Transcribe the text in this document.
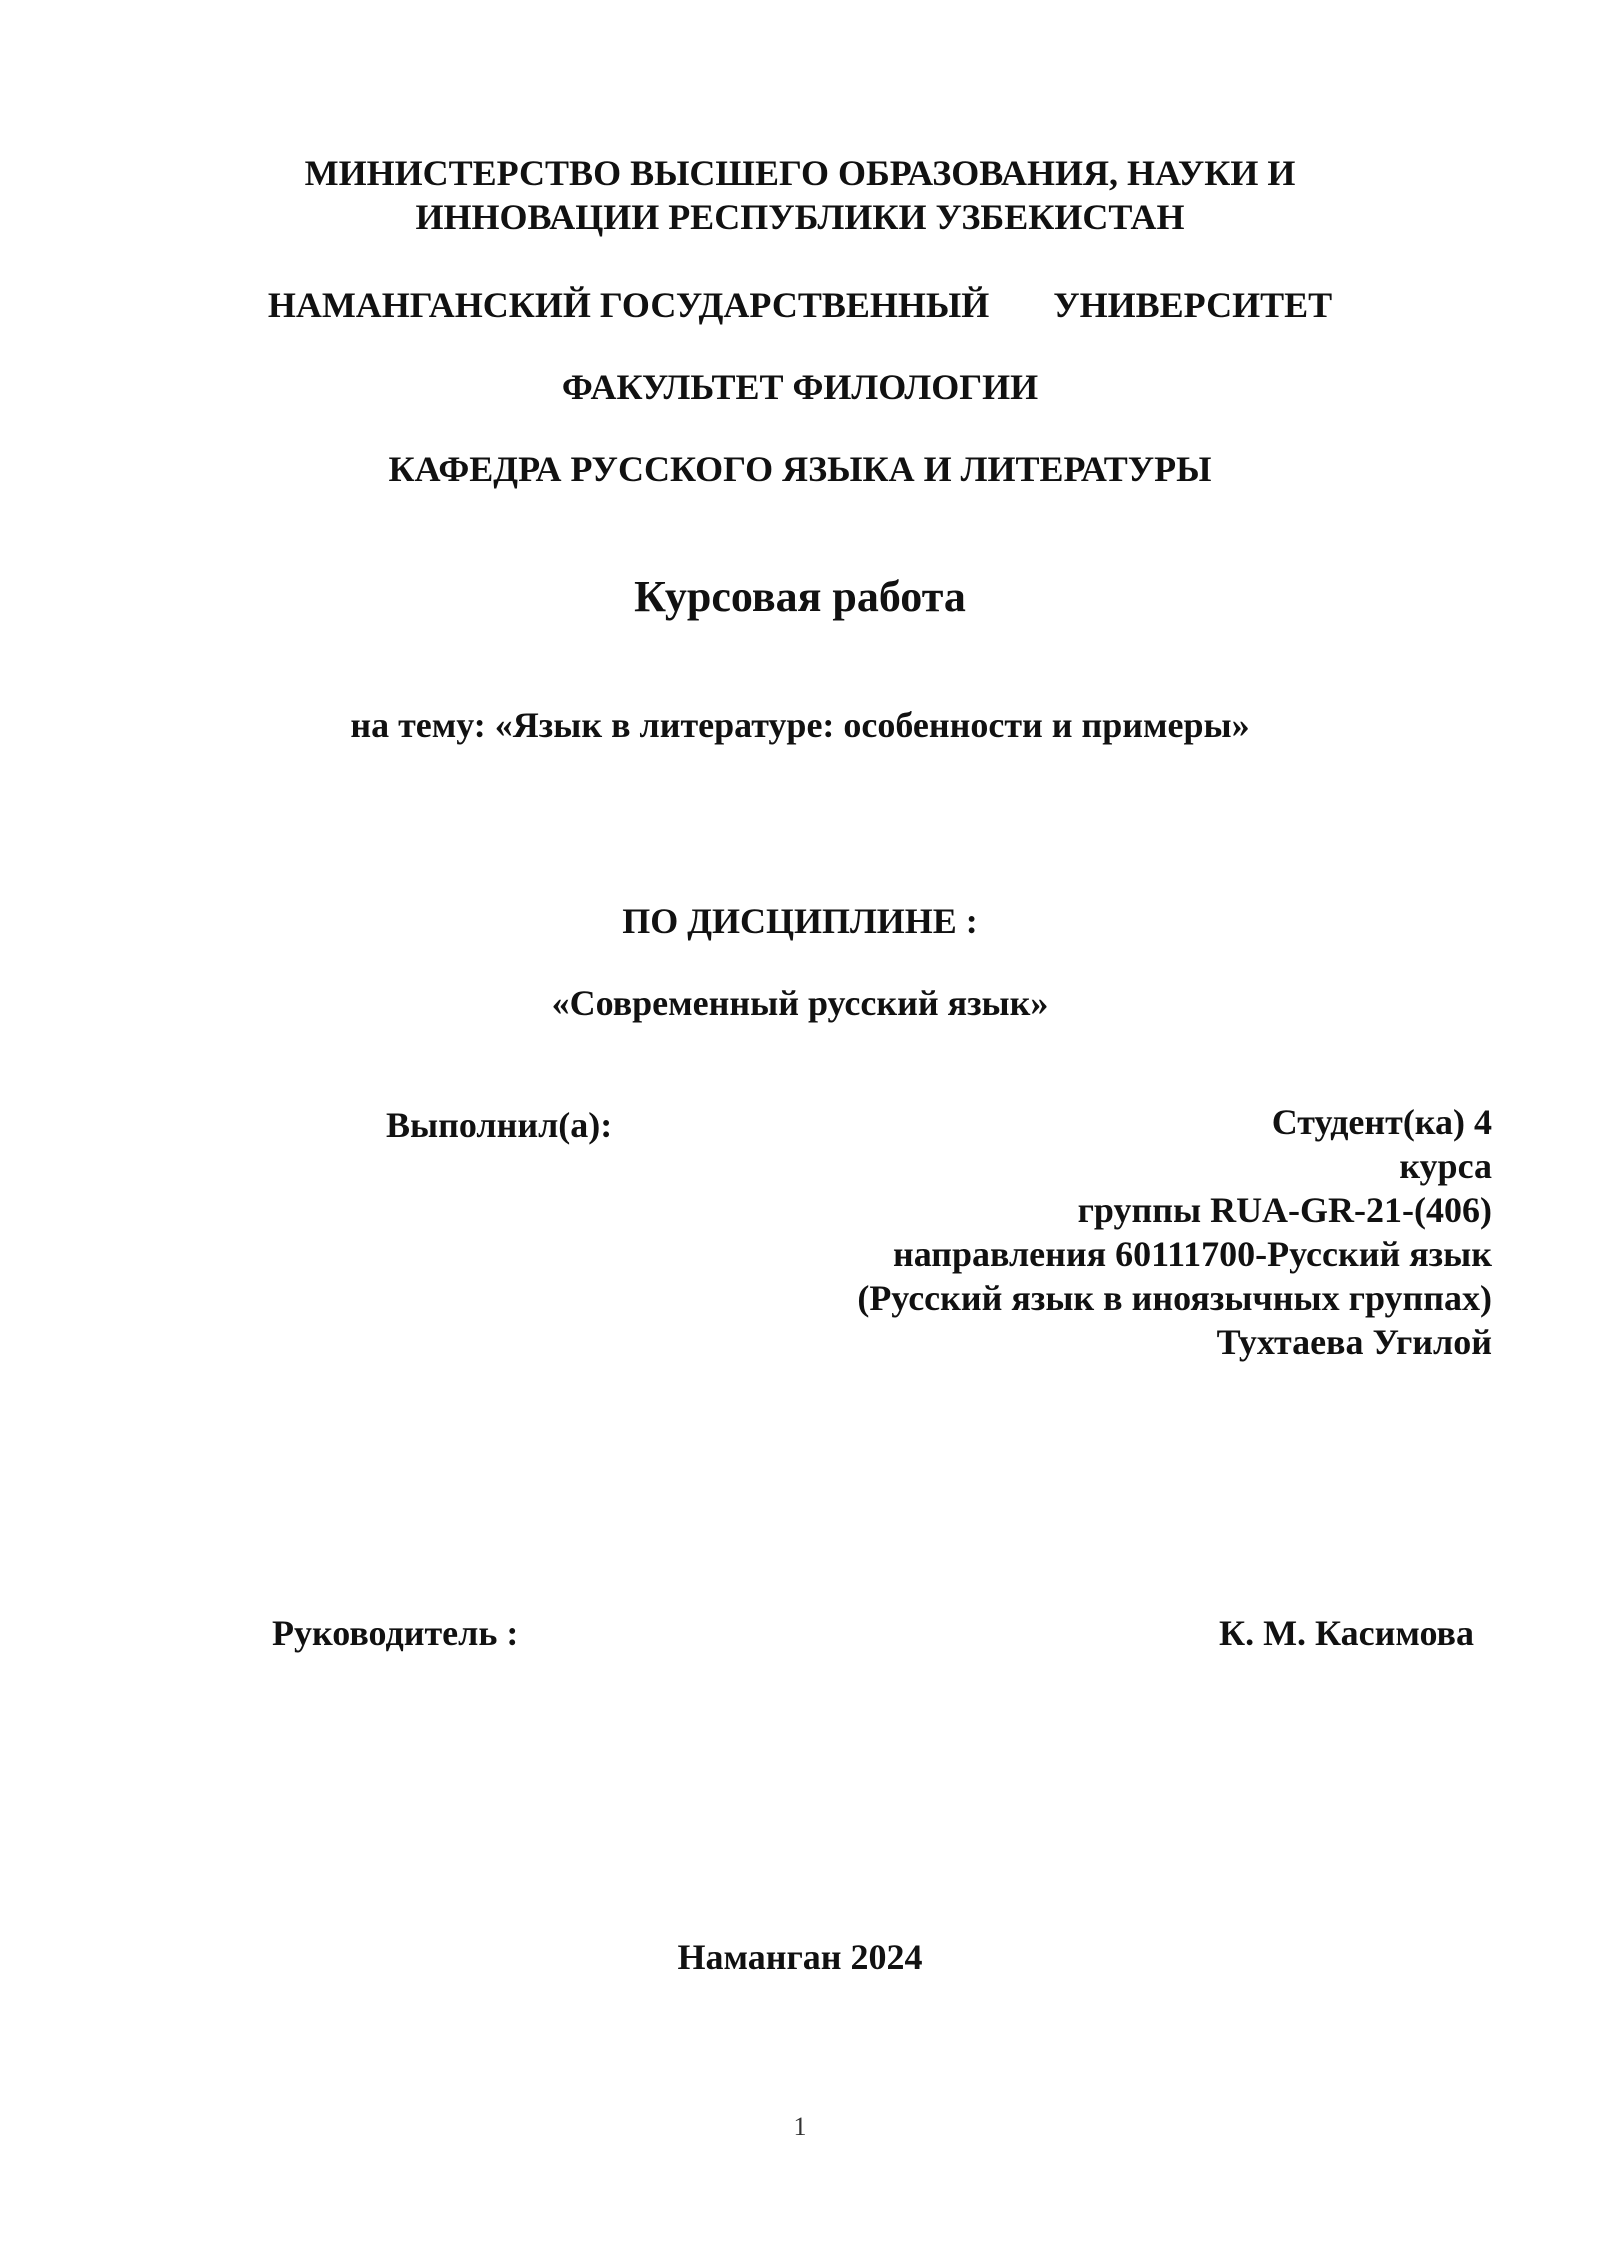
МИНИСТЕРСТВО ВЫСШЕГО ОБРАЗОВАНИЯ, НАУКИ И
ИННОВАЦИИ РЕСПУБЛИКИ УЗБЕКИСТАН
НАМАНГАНСКИЙ ГОСУДАРСТВЕННЫЙ УНИВЕРСИТЕТ
ФАКУЛЬТЕТ ФИЛОЛОГИИ
КАФЕДРА РУССКОГО ЯЗЫКА И ЛИТЕРАТУРЫ
Курсовая работа
на тему: «Язык в литературе: особенности и примеры»
ПО ДИСЦИПЛИНЕ :
«Современный русский язык»
Выполнил(а):	Студент(ка) 4
курса
группы RUA-GR-21-(406)
направления 60111700-Русский язык
(Русский язык в иноязычных группах)
Тухтаева Угилой
Руководитель :	К. М. Касимова
Наманган 2024
1
